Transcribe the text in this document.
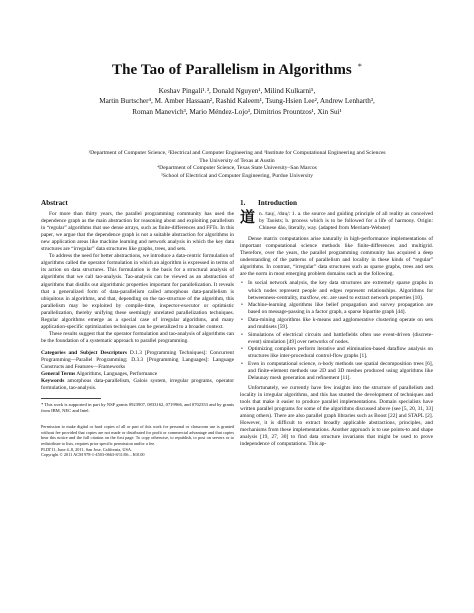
The Tao of Parallelism in Algorithms *
Keshav Pingali¹˒³, Donald Nguyen¹, Milind Kulkarni⁵,
Martin Burtscher⁴, M. Amber Hassaan², Rashid Kaleem¹, Tsung-Hsien Lee², Andrew Lenharth³,
Roman Manevich³, Mario Méndez-Lojo³, Dimitrios Prountzos¹, Xin Sui¹
¹Department of Computer Science, ²Electrical and Computer Engineering and ³Institute for Computational Engineering and Sciences
The University of Texas at Austin
⁴Department of Computer Science, Texas State University–San Marcos
⁵School of Electrical and Computer Engineering, Purdue University
Abstract

For more than thirty years, the parallel programming community has used the dependence graph as the main abstraction for reasoning about and exploiting parallelism in “regular” algorithms that use dense arrays, such as finite-differences and FFTs. In this paper, we argue that the dependence graph is not a suitable abstraction for algorithms in new application areas like machine learning and network analysis in which the key data structures are “irregular” data structures like graphs, trees, and sets.

To address the need for better abstractions, we introduce a data-centric formulation of algorithms called the operator formulation in which an algorithm is expressed in terms of its action on data structures. This formulation is the basis for a structural analysis of algorithms that we call tao-analysis. Tao-analysis can be viewed as an abstraction of algorithms that distills out algorithmic properties important for parallelization. It reveals that a generalized form of data-parallelism called amorphous data-parallelism is ubiquitous in algorithms, and that, depending on the tao-structure of the algorithm, this parallelism may be exploited by compile-time, inspector-executor or optimistic parallelization, thereby unifying these seemingly unrelated parallelization techniques. Regular algorithms emerge as a special case of irregular algorithms, and many application-specific optimization techniques can be generalized to a broader context.

These results suggest that the operator formulation and tao-analysis of algorithms can be the foundation of a systematic approach to parallel programming.

Categories and Subject Descriptors D.1.3 [Programming Techniques]: Concurrent Programming—Parallel Programming; D.3.3 [Programming Languages]: Language Constructs and Features—Frameworks

General Terms Algorithms, Languages, Performance

Keywords amorphous data-parallelism, Galois system, irregular programs, operator formulation, tao-analysis.

* This work is supported in part by NSF grants 0923907, 0833162, 0719966, and 0702353 and by grants from IBM, NEC and Intel.

Permission to make digital or hard copies of all or part of this work for personal or classroom use is granted without fee provided that copies are not made or distributed for profit or commercial advantage and that copies bear this notice and the full citation on the first page. To copy otherwise, to republish, to post on servers or to redistribute to lists, requires prior specific permission and/or a fee.

PLDI'11, June 4–8, 2011, San Jose, California, USA.

Copyright © 2011 ACM 978-1-4503-0663-8/11/06... $10.00

1. Introduction
道 n. /tau̯/, /dɑu̯/: 1. a. the source and guiding principle of all reality as conceived by Taoists; b. process which is to be followed for a life of harmony. Origin: Chinese dào, literally, way. (adapted from Merriam-Webster)

Dense matrix computations arise naturally in high-performance implementations of important computational science methods like finite-differences and multigrid. Therefore, over the years, the parallel programming community has acquired a deep understanding of the patterns of parallelism and locality in these kinds of “regular” algorithms. In contrast, “irregular” data structures such as sparse graphs, trees and sets are the norm in most emerging problem domains such as the following.

• In social network analysis, the key data structures are extremely sparse graphs in which nodes represent people and edges represent relationships. Algorithms for betweenness-centrality, maxflow, etc. are used to extract network properties [10].
• Machine-learning algorithms like belief propagation and survey propagation are based on message-passing in a factor graph, a sparse bipartite graph [44].
• Data-mining algorithms like k-means and agglomerative clustering operate on sets and multisets [59].
• Simulations of electrical circuits and battlefields often use event-driven (discrete-event) simulation [49] over networks of nodes.
• Optimizing compilers perform iterative and elimination-based dataflow analysis on structures like inter-procedural control-flow graphs [1].
• Even in computational science, n-body methods use spatial decomposition trees [6], and finite-element methods use 2D and 3D meshes produced using algorithms like Delaunay mesh generation and refinement [11].

Unfortunately, we currently have few insights into the structure of parallelism and locality in irregular algorithms, and this has stunted the development of techniques and tools that make it easier to produce parallel implementations. Domain specialists have written parallel programs for some of the algorithms discussed above (see [5, 20, 31, 33] among others). There are also parallel graph libraries such as Boost [22] and STAPL [2]. However, it is difficult to extract broadly applicable abstractions, principles, and mechanisms from these implementations. Another approach is to use points-to and shape analysis [19, 27, 30] to find data structure invariants that might be used to prove independence of computations. This ap-
